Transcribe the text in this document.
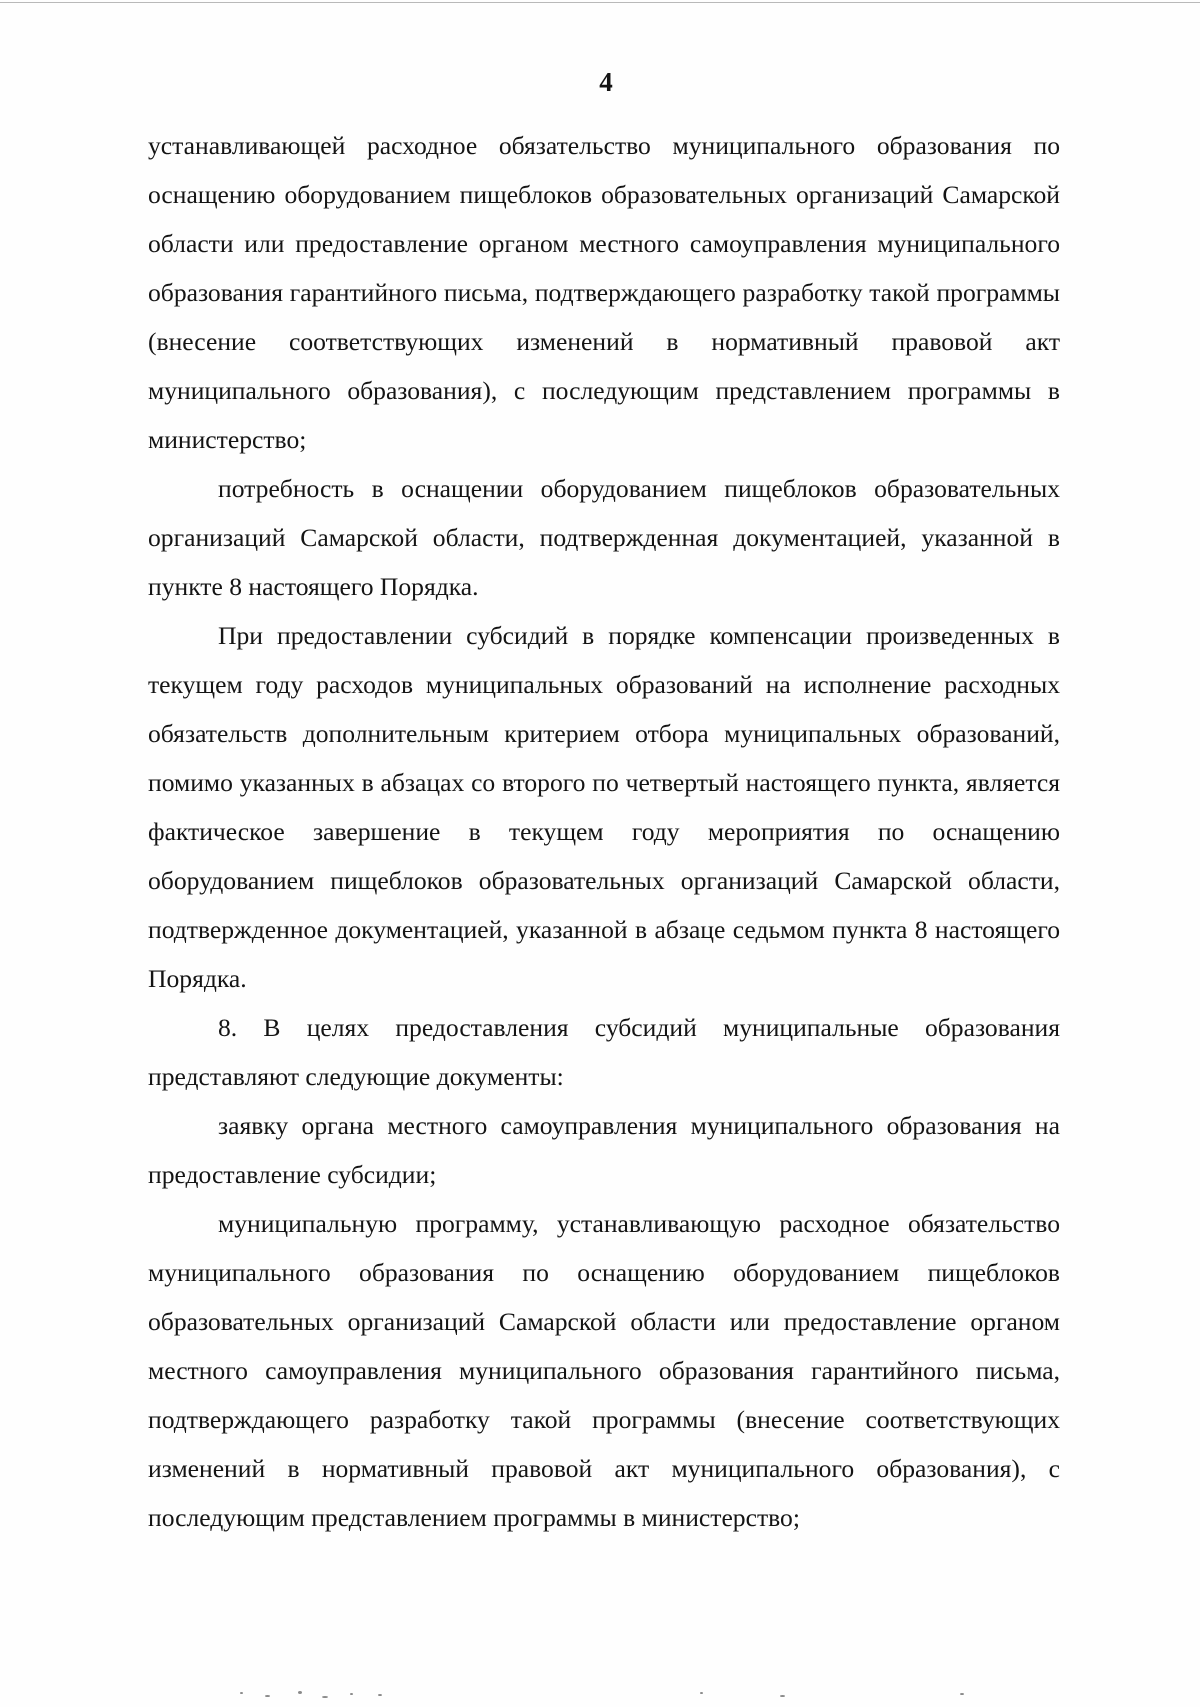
4

устанавливающей расходное обязательство муниципального образования по оснащению оборудованием пищеблоков образовательных организаций Самарской области или предоставление органом местного самоуправления муниципального образования гарантийного письма, подтверждающего разработку такой программы (внесение соответствующих изменений в нормативный правовой акт муниципального образования), с последующим представлением программы в министерство;

потребность в оснащении оборудованием пищеблоков образовательных организаций Самарской области, подтвержденная документацией, указанной в пункте 8 настоящего Порядка.

При предоставлении субсидий в порядке компенсации произведенных в текущем году расходов муниципальных образований на исполнение расходных обязательств дополнительным критерием отбора муниципальных образований, помимо указанных в абзацах со второго по четвертый настоящего пункта, является фактическое завершение в текущем году мероприятия по оснащению оборудованием пищеблоков образовательных организаций Самарской области, подтвержденное документацией, указанной в абзаце седьмом пункта 8 настоящего Порядка.

8. В целях предоставления субсидий муниципальные образования представляют следующие документы:

заявку органа местного самоуправления муниципального образования на предоставление субсидии;

муниципальную программу, устанавливающую расходное обязательство муниципального образования по оснащению оборудованием пищеблоков образовательных организаций Самарской области или предоставление органом местного самоуправления муниципального образования гарантийного письма, подтверждающего разработку такой программы (внесение соответствующих изменений в нормативный правовой акт муниципального образования), с последующим представлением программы в министерство;
